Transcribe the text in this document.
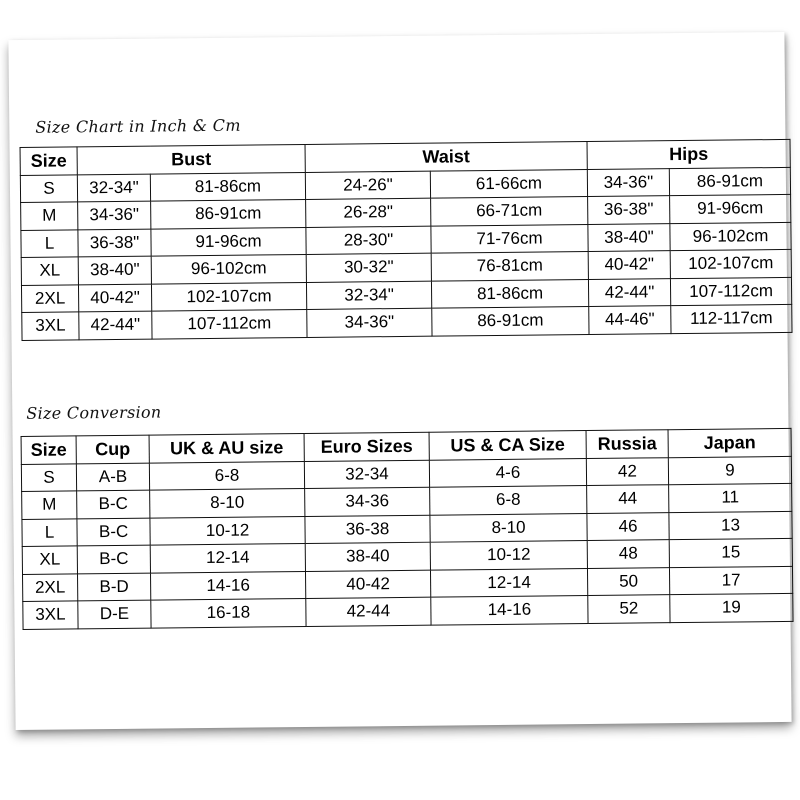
Size Chart in Inch & Cm
Size	Bust		Waist		Hips	
S	32-34"	81-86cm	24-26"	61-66cm	34-36"	86-91cm
M	34-36"	86-91cm	26-28"	66-71cm	36-38"	91-96cm
L	36-38"	91-96cm	28-30"	71-76cm	38-40"	96-102cm
XL	38-40"	96-102cm	30-32"	76-81cm	40-42"	102-107cm
2XL	40-42"	102-107cm	32-34"	81-86cm	42-44"	107-112cm
3XL	42-44"	107-112cm	34-36"	86-91cm	44-46"	112-117cm
Size Conversion
Size	Cup	UK & AU size	Euro Sizes	US & CA Size	Russia	Japan
S	A-B	6-8	32-34	4-6	42	9
M	B-C	8-10	34-36	6-8	44	11
L	B-C	10-12	36-38	8-10	46	13
XL	B-C	12-14	38-40	10-12	48	15
2XL	B-D	14-16	40-42	12-14	50	17
3XL	D-E	16-18	42-44	14-16	52	19
